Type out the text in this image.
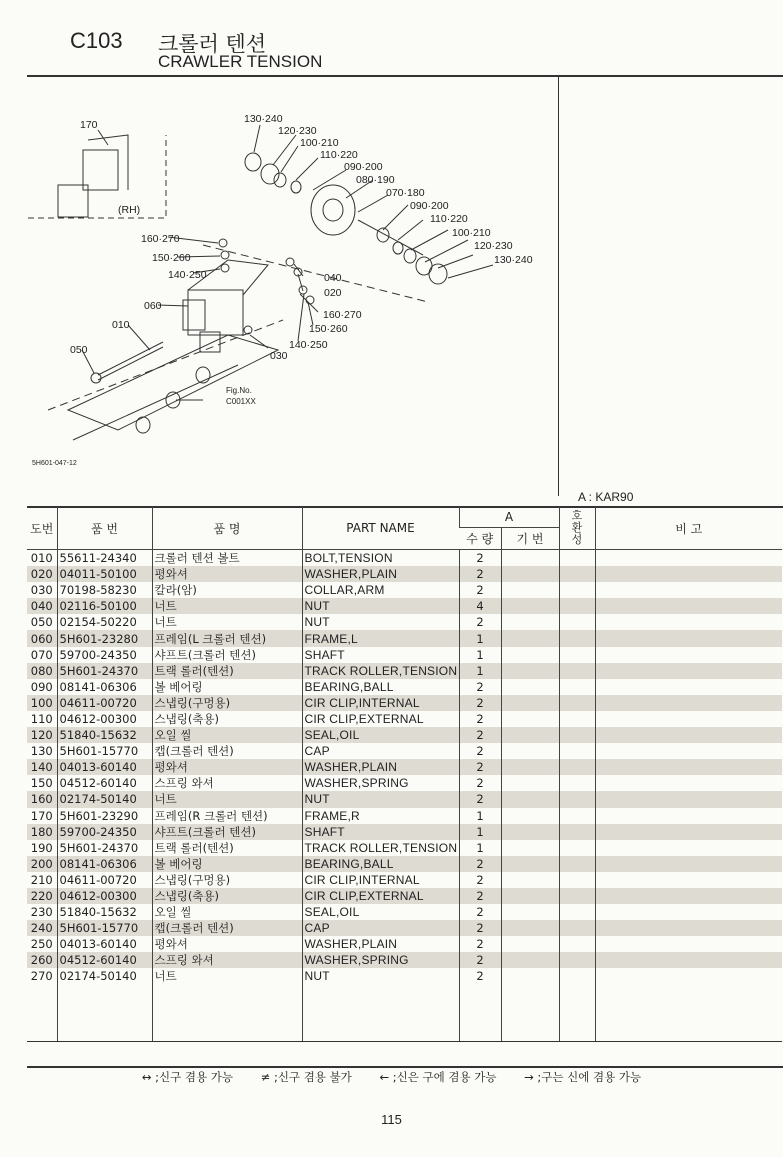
C103 크롤러 텐션
CRAWLER TENSION
170
(RH)
130·240
120·230
100·210
110·220
090·200
080·190
070·180
090·200
110·220
100·210
120·230
130·240
160·270
150·260
140·250	040
020
060
010
160·270
150·260
140·250
030
050
Fig.No.
C001XX
5H601-047-12
A : KAR90
도번	품 번	품 명	PART NAME	A		호환성	비 고
				수 량	기 번		
010	55611-24340	크롤러 텐션 볼트	BOLT,TENSION	2			
020	04011-50100	평와셔	WASHER,PLAIN	2			
030	70198-58230	칼라(암)	COLLAR,ARM	2			
040	02116-50100	너트	NUT	4			
050	02154-50220	너트	NUT	2			
060	5H601-23280	프레임(L 크롤러 텐션)	FRAME,L	1			
070	59700-24350	샤프트(크롤러 텐션)	SHAFT	1			
080	5H601-24370	트랙 롤러(텐션)	TRACK ROLLER,TENSION	1			
090	08141-06306	볼 베어링	BEARING,BALL	2			
100	04611-00720	스냅링(구멍용)	CIR CLIP,INTERNAL	2			
110	04612-00300	스냅링(축용)	CIR CLIP,EXTERNAL	2			
120	51840-15632	오일 씰	SEAL,OIL	2			
130	5H601-15770	캡(크롤러 텐션)	CAP	2			
140	04013-60140	평와셔	WASHER,PLAIN	2			
150	04512-60140	스프링 와셔	WASHER,SPRING	2			
160	02174-50140	너트	NUT	2			
170	5H601-23290	프레임(R 크롤러 텐션)	FRAME,R	1			
180	59700-24350	샤프트(크롤러 텐션)	SHAFT	1			
190	5H601-24370	트랙 롤러(텐션)	TRACK ROLLER,TENSION	1			
200	08141-06306	볼 베어링	BEARING,BALL	2			
210	04611-00720	스냅링(구멍용)	CIR CLIP,INTERNAL	2			
220	04612-00300	스냅링(축용)	CIR CLIP,EXTERNAL	2			
230	51840-15632	오일 씰	SEAL,OIL	2			
240	5H601-15770	캡(크롤러 텐션)	CAP	2			
250	04013-60140	평와셔	WASHER,PLAIN	2			
260	04512-60140	스프링 와셔	WASHER,SPRING	2			
270	02174-50140	너트	NUT	2			

↔ ;신구 겸용 가능 ≠ ;신구 겸용 불가 ← ;신은 구에 겸용 가능 → ;구는 신에 겸용 가능
115
